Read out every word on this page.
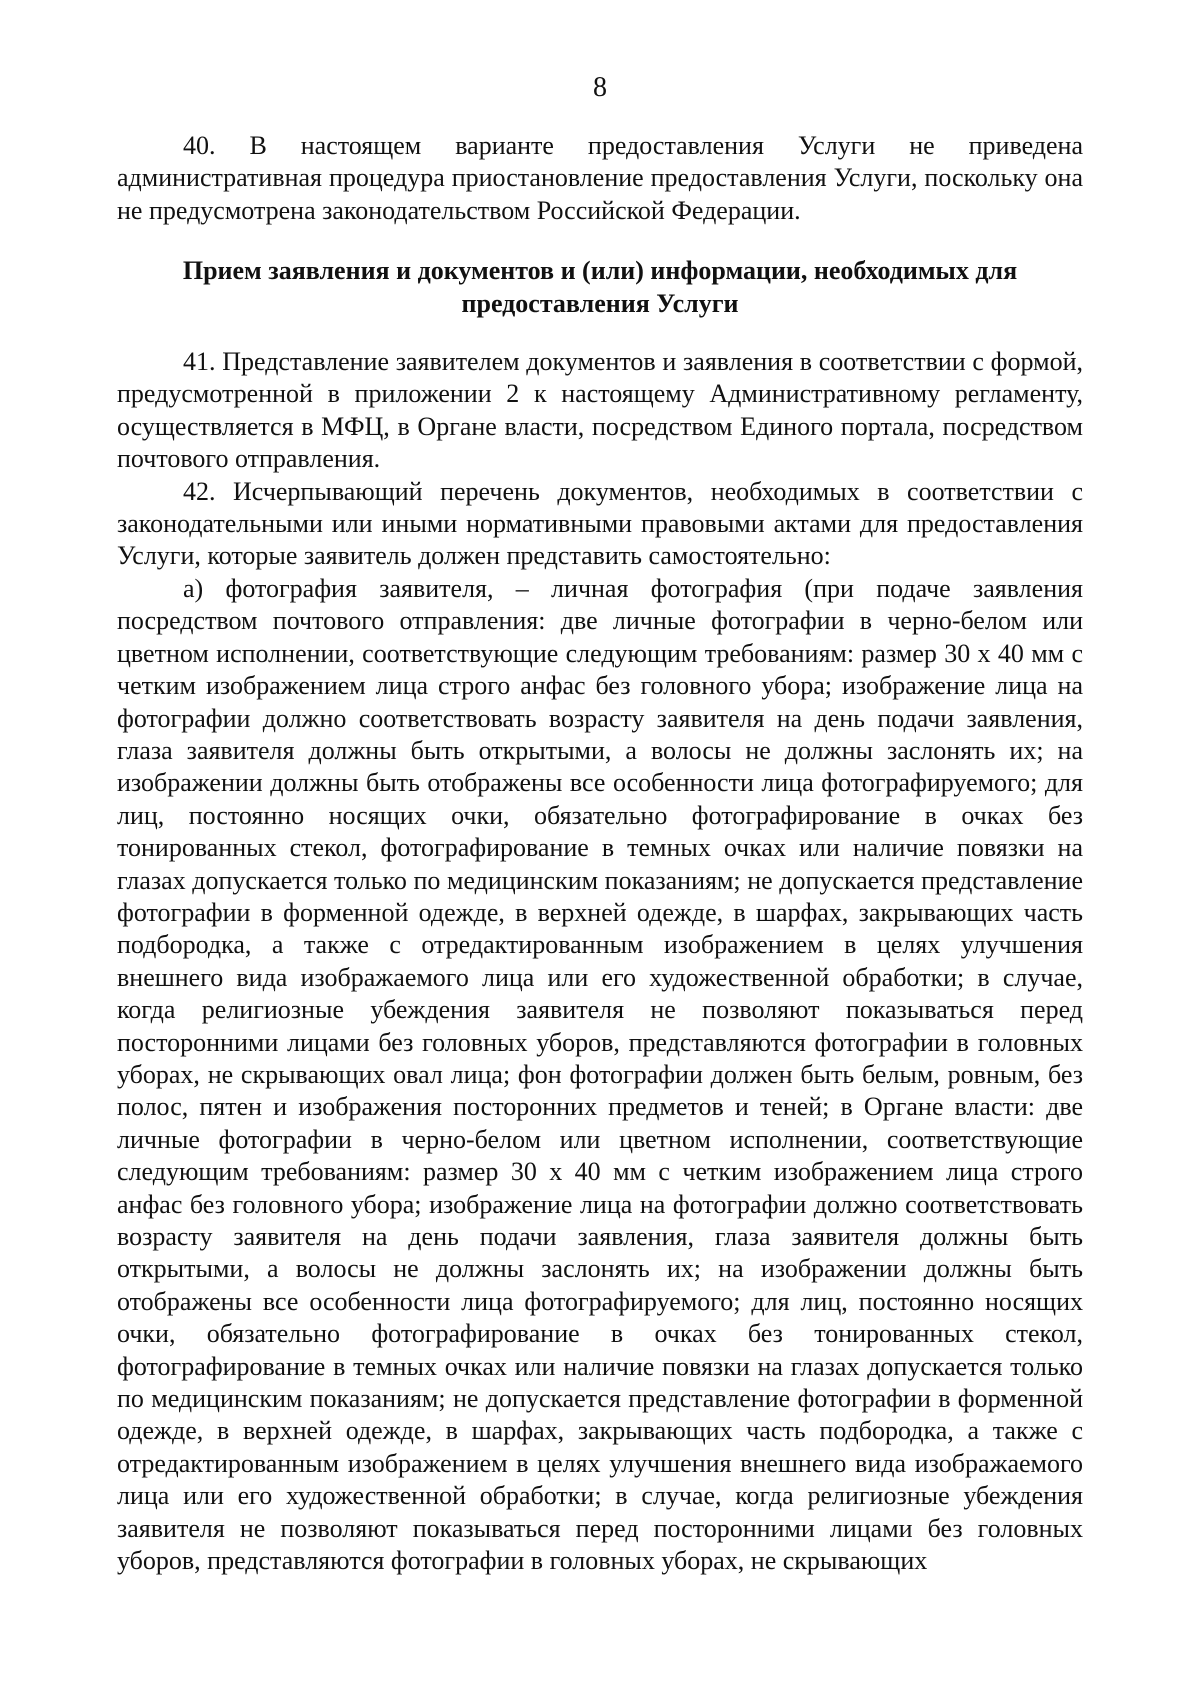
8

40. В настоящем варианте предоставления Услуги не приведена административная процедура приостановление предоставления Услуги, поскольку она не предусмотрена законодательством Российской Федерации.

Прием заявления и документов и (или) информации, необходимых для
предоставления Услуги

41. Представление заявителем документов и заявления в соответствии с формой, предусмотренной в приложении 2 к настоящему Административному регламенту, осуществляется в МФЦ, в Органе власти, посредством Единого портала, посредством почтового отправления.

42. Исчерпывающий перечень документов, необходимых в соответствии с законодательными или иными нормативными правовыми актами для предоставления Услуги, которые заявитель должен представить самостоятельно:

а) фотография заявителя, – личная фотография (при подаче заявления посредством почтового отправления: две личные фотографии в черно-белом или цветном исполнении, соответствующие следующим требованиям: размер 30 х 40 мм с четким изображением лица строго анфас без головного убора; изображение лица на фотографии должно соответствовать возрасту заявителя на день подачи заявления, глаза заявителя должны быть открытыми, а волосы не должны заслонять их; на изображении должны быть отображены все особенности лица фотографируемого; для лиц, постоянно носящих очки, обязательно фотографирование в очках без тонированных стекол, фотографирование в темных очках или наличие повязки на глазах допускается только по медицинским показаниям; не допускается представление фотографии в форменной одежде, в верхней одежде, в шарфах, закрывающих часть подбородка, а также с отредактированным изображением в целях улучшения внешнего вида изображаемого лица или его художественной обработки; в случае, когда религиозные убеждения заявителя не позволяют показываться перед посторонними лицами без головных уборов, представляются фотографии в головных уборах, не скрывающих овал лица; фон фотографии должен быть белым, ровным, без полос, пятен и изображения посторонних предметов и теней; в Органе власти: две личные фотографии в черно-белом или цветном исполнении, соответствующие следующим требованиям: размер 30 х 40 мм с четким изображением лица строго анфас без головного убора; изображение лица на фотографии должно соответствовать возрасту заявителя на день подачи заявления, глаза заявителя должны быть открытыми, а волосы не должны заслонять их; на изображении должны быть отображены все особенности лица фотографируемого; для лиц, постоянно носящих очки, обязательно фотографирование в очках без тонированных стекол, фотографирование в темных очках или наличие повязки на глазах допускается только по медицинским показаниям; не допускается представление фотографии в форменной одежде, в верхней одежде, в шарфах, закрывающих часть подбородка, а также с отредактированным изображением в целях улучшения внешнего вида изображаемого лица или его художественной обработки; в случае, когда религиозные убеждения заявителя не позволяют показываться перед посторонними лицами без головных уборов, представляются фотографии в головных уборах, не скрывающих
